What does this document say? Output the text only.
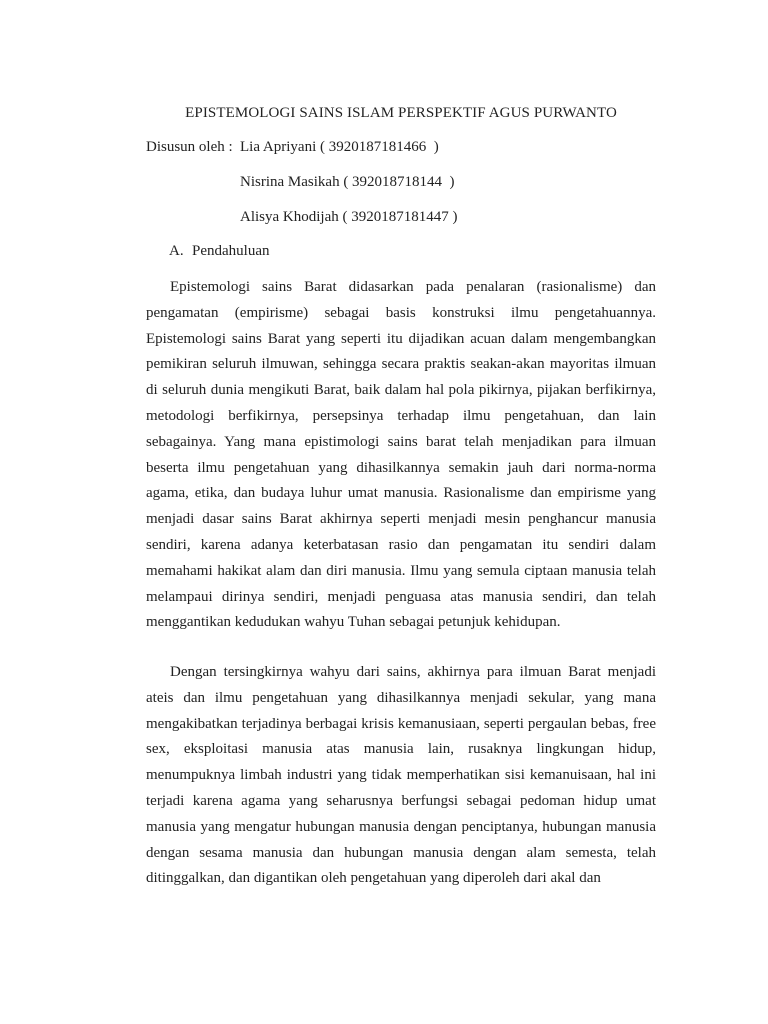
EPISTEMOLOGI SAINS ISLAM PERSPEKTIF AGUS PURWANTO
Disusun oleh : Lia Apriyani ( 3920187181466  )
Nisrina Masikah ( 392018718144  )
Alisya Khodijah ( 3920187181447 )
A. Pendahuluan

Epistemologi sains Barat didasarkan pada penalaran (rasionalisme) dan pengamatan (empirisme) sebagai basis konstruksi ilmu pengetahuannya. Epistemologi sains Barat yang seperti itu dijadikan acuan dalam mengembangkan pemikiran seluruh ilmuwan, sehingga secara praktis seakan-akan mayoritas ilmuan di seluruh dunia mengikuti Barat, baik dalam hal pola pikirnya, pijakan berfikirnya, metodologi berfikirnya, persepsinya terhadap ilmu pengetahuan, dan lain sebagainya. Yang mana epistimologi sains barat telah menjadikan para ilmuan beserta ilmu pengetahuan yang dihasilkannya semakin jauh dari norma-norma agama, etika, dan budaya luhur umat manusia. Rasionalisme dan empirisme yang menjadi dasar sains Barat akhirnya seperti menjadi mesin penghancur manusia sendiri, karena adanya keterbatasan rasio dan pengamatan itu sendiri dalam memahami hakikat alam dan diri manusia. Ilmu yang semula ciptaan manusia telah melampaui dirinya sendiri, menjadi penguasa atas manusia sendiri, dan telah menggantikan kedudukan wahyu Tuhan sebagai petunjuk kehidupan.

Dengan tersingkirnya wahyu dari sains, akhirnya para ilmuan Barat menjadi ateis dan ilmu pengetahuan yang dihasilkannya menjadi sekular, yang mana mengakibatkan terjadinya berbagai krisis kemanusiaan, seperti pergaulan bebas, free sex, eksploitasi manusia atas manusia lain, rusaknya lingkungan hidup, menumpuknya limbah industri yang tidak memperhatikan sisi kemanuisaan, hal ini terjadi karena agama yang seharusnya berfungsi sebagai pedoman hidup umat manusia yang mengatur hubungan manusia dengan penciptanya, hubungan manusia dengan sesama manusia dan hubungan manusia dengan alam semesta, telah ditinggalkan, dan digantikan oleh pengetahuan yang diperoleh dari akal dan
